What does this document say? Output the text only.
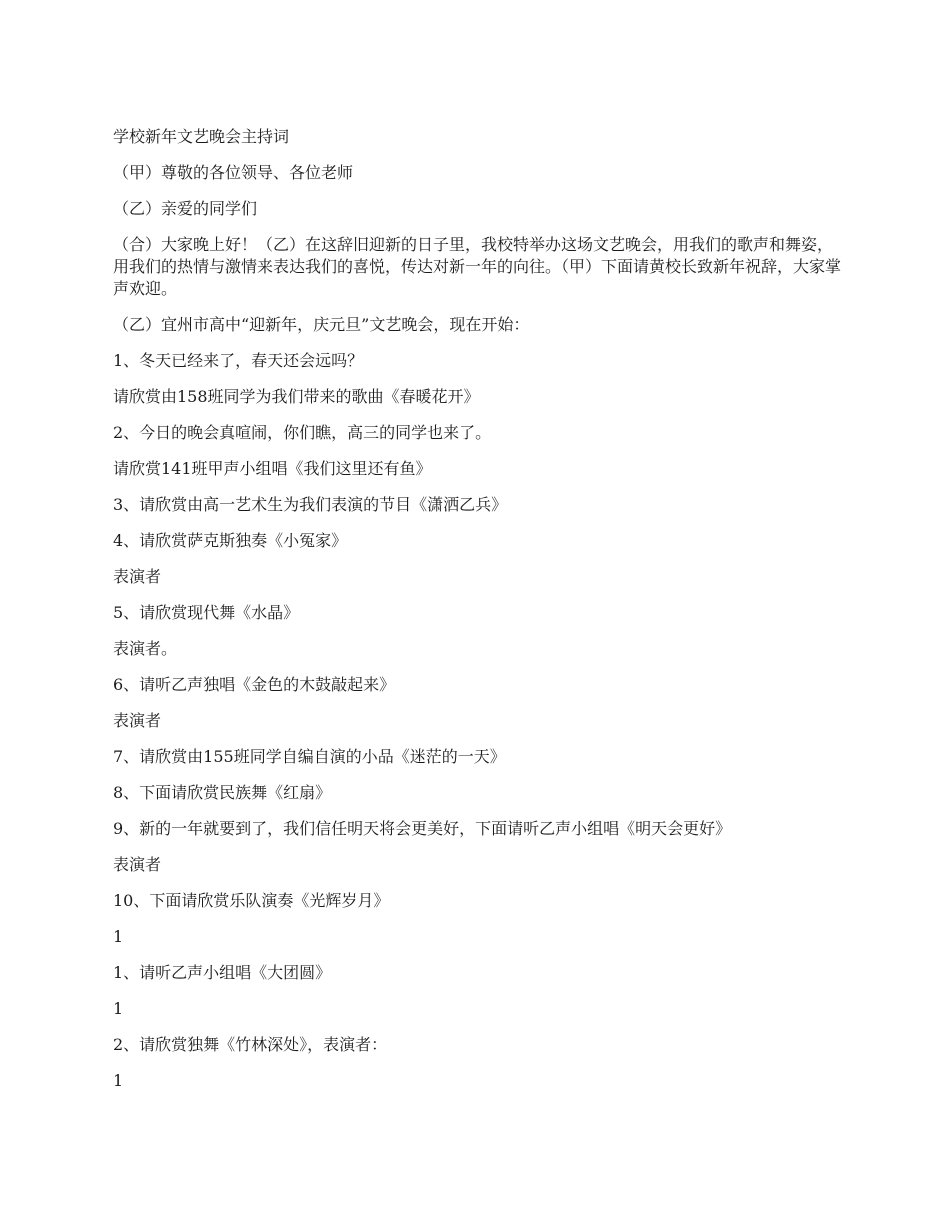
学校新年文艺晚会主持词

（甲）尊敬的各位领导、各位老师

（乙）亲爱的同学们

（合）大家晚上好！（乙）在这辞旧迎新的日子里，我校特举办这场文艺晚会，用我们的歌声和舞姿，用我们的热情与激情来表达我们的喜悦，传达对新一年的向往。（甲）下面请黄校长致新年祝辞，大家掌声欢迎。

（乙）宜州市高中“迎新年，庆元旦”文艺晚会，现在开始：

1、冬天已经来了，春天还会远吗？

请欣赏由158班同学为我们带来的歌曲《春暖花开》

2、今日的晚会真喧闹，你们瞧，高三的同学也来了。

请欣赏141班甲声小组唱《我们这里还有鱼》

3、请欣赏由高一艺术生为我们表演的节目《潇洒乙兵》

4、请欣赏萨克斯独奏《小冤家》

表演者

5、请欣赏现代舞《水晶》

表演者。

6、请听乙声独唱《金色的木鼓敲起来》

表演者

7、请欣赏由155班同学自编自演的小品《迷茫的一天》

8、下面请欣赏民族舞《红扇》

9、新的一年就要到了，我们信任明天将会更美好，下面请听乙声小组唱《明天会更好》

表演者

10、下面请欣赏乐队演奏《光辉岁月》

1

1、请听乙声小组唱《大团圆》

1

2、请欣赏独舞《竹林深处》，表演者：

1
